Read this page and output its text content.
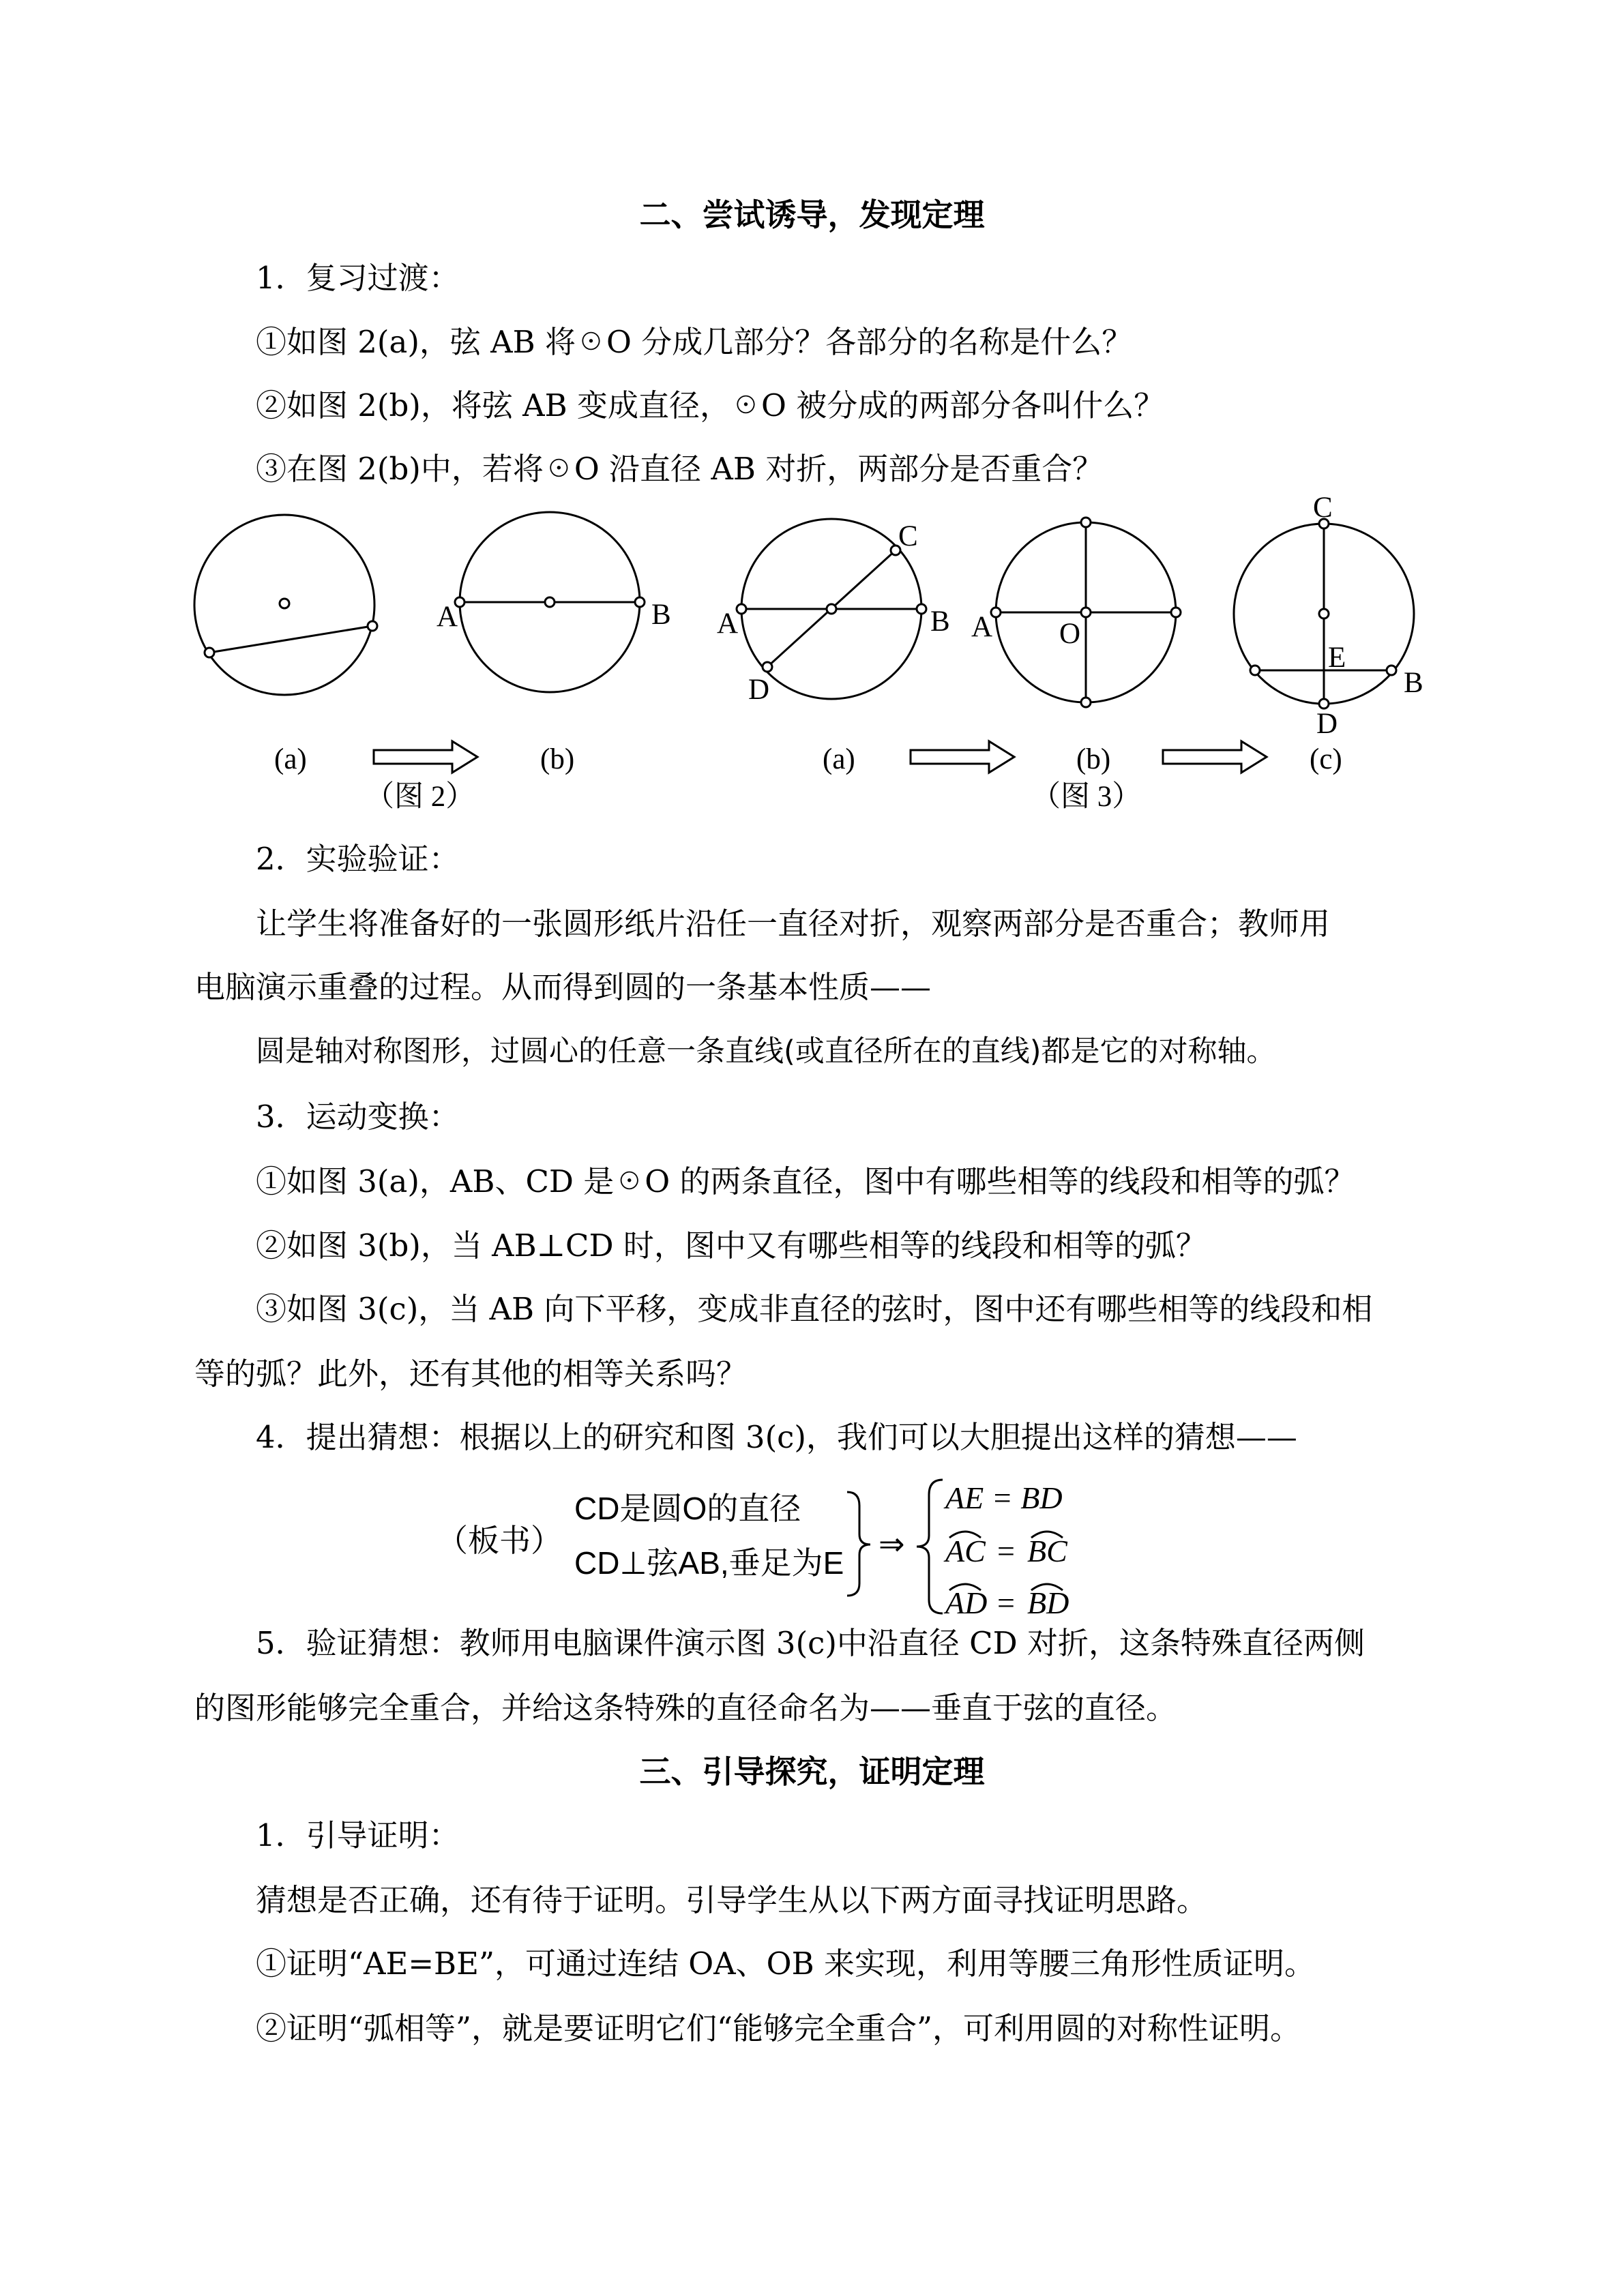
二、尝试诱导，发现定理
1．复习过渡：
①如图 2(a)，弦 AB 将☉O 分成几部分？各部分的名称是什么？
②如图 2(b)，将弦 AB 变成直径，☉O 被分成的两部分各叫什么？
③在图 2(b)中，若将☉O 沿直径 AB 对折，两部分是否重合？
A	B A	B
C
D
A O
C
E
B
D
(a)	(b)	(a)	(b)	(c)
（图 2）	（图 3）
2．实验验证：
让学生将准备好的一张圆形纸片沿任一直径对折，观察两部分是否重合；教师用
电脑演示重叠的过程。从而得到圆的一条基本性质——
圆是轴对称图形，过圆心的任意一条直线(或直径所在的直线)都是它的对称轴。
3．运动变换：
①如图 3(a)，AB、CD 是☉O 的两条直径，图中有哪些相等的线段和相等的弧？
②如图 3(b)，当 AB⊥CD 时，图中又有哪些相等的线段和相等的弧？
③如图 3(c)，当 AB 向下平移，变成非直径的弦时，图中还有哪些相等的线段和相
等的弧？此外，还有其他的相等关系吗？
4．提出猜想：根据以上的研究和图 3(c)，我们可以大胆提出这样的猜想——
（板书）
CD是圆O的直径
CD⊥弦AB,垂足为E
⇒
AE = BD
AC = BC
AD = BD
5．验证猜想：教师用电脑课件演示图 3(c)中沿直径 CD 对折，这条特殊直径两侧
的图形能够完全重合，并给这条特殊的直径命名为——垂直于弦的直径。
三、引导探究，证明定理
1．引导证明：
猜想是否正确，还有待于证明。引导学生从以下两方面寻找证明思路。
①证明“AE=BE”，可通过连结 OA、OB 来实现，利用等腰三角形性质证明。
②证明“弧相等”，就是要证明它们“能够完全重合”，可利用圆的对称性证明。
